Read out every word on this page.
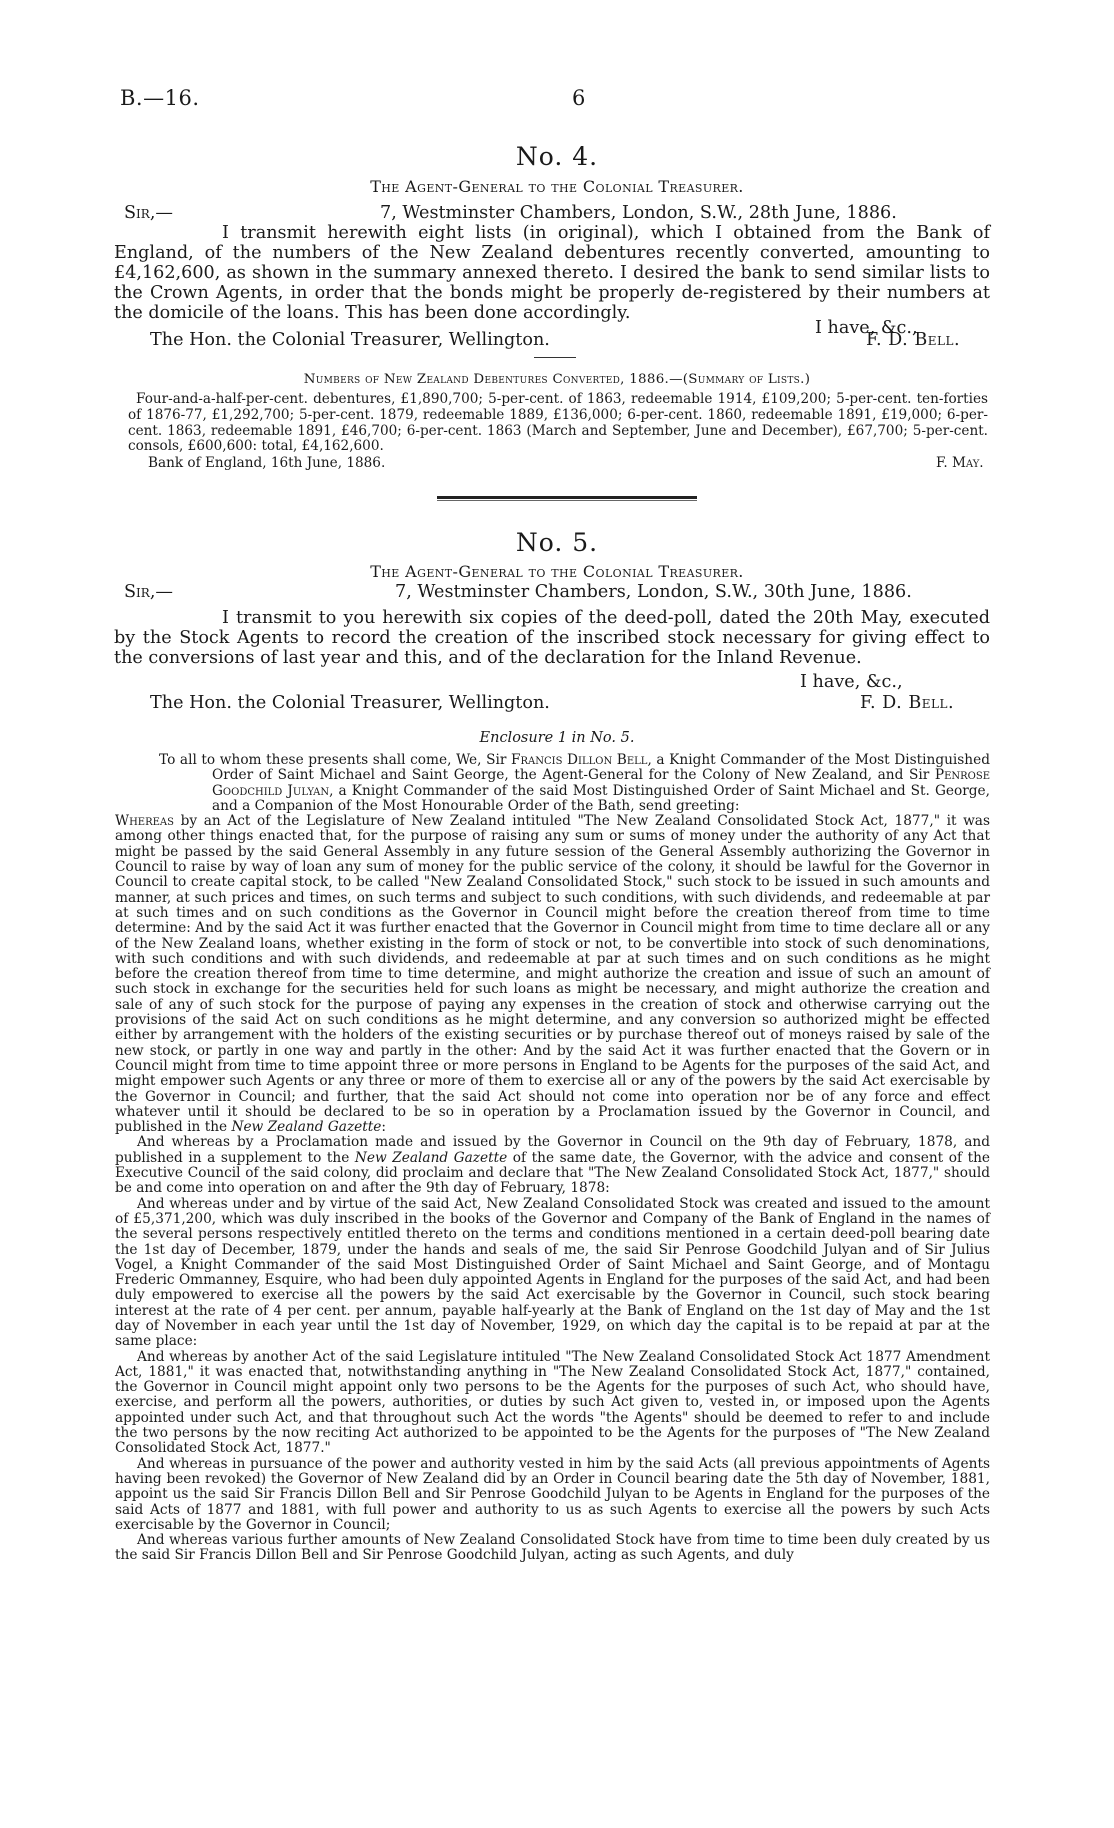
B.—16.	6
No. 4.
The Agent-General to the Colonial Treasurer.
Sir,—	7, Westminster Chambers, London, S.W., 28th June, 1886.
I transmit herewith eight lists (in original), which I obtained from the Bank of England, of the numbers of the New Zealand debentures recently converted, amounting to £4,162,600, as shown in the summary annexed thereto. I desired the bank to send similar lists to the Crown Agents, in order that the bonds might be properly de-registered by their numbers at the domicile of the loans. This has been done accordingly.
I have, &c.,
The Hon. the Colonial Treasurer, Wellington.	F. D. Bell.
Numbers of New Zealand Debentures Converted, 1886.—(Summary of Lists.)

Four-and-a-half-per-cent. debentures, £1,890,700; 5-per-cent. of 1863, redeemable 1914, £109,200; 5-per-cent. ten-forties of 1876-77, £1,292,700; 5-per-cent. 1879, redeemable 1889, £136,000; 6-per-cent. 1860, redeemable 1891, £19,000; 6-per-cent. 1863, redeemable 1891, £46,700; 6-per-cent. 1863 (March and September, June and December), £67,700; 5-per-cent. consols, £600,600: total, £4,162,600.

Bank of England, 16th June, 1886.	F. May.
No. 5.
The Agent-General to the Colonial Treasurer.
Sir,—	7, Westminster Chambers, London, S.W., 30th June, 1886.
I transmit to you herewith six copies of the deed-poll, dated the 20th May, executed by the Stock Agents to record the creation of the inscribed stock necessary for giving effect to the conversions of last year and this, and of the declaration for the Inland Revenue.
I have, &c.,
The Hon. the Colonial Treasurer, Wellington.	F. D. Bell.
Enclosure 1 in No. 5.

To all to whom these presents shall come, We, Sir Francis Dillon Bell, a Knight Commander of the Most Distinguished Order of Saint Michael and Saint George, the Agent-General for the Colony of New Zealand, and Sir Penrose Goodchild Julyan, a Knight Commander of the said Most Distinguished Order of Saint Michael and St. George, and a Companion of the Most Honourable Order of the Bath, send greeting:

Whereas by an Act of the Legislature of New Zealand intituled "The New Zealand Consolidated Stock Act, 1877," it was among other things enacted that, for the purpose of raising any sum or sums of money under the authority of any Act that might be passed by the said General Assembly in any future session of the General Assembly authorizing the Governor in Council to raise by way of loan any sum of money for the public service of the colony, it should be lawful for the Governor in Council to create capital stock, to be called "New Zealand Consolidated Stock," such stock to be issued in such amounts and manner, at such prices and times, on such terms and subject to such conditions, with such dividends, and redeemable at par at such times and on such conditions as the Governor in Council might before the creation thereof from time to time determine: And by the said Act it was further enacted that the Governor in Council might from time to time declare all or any of the New Zealand loans, whether existing in the form of stock or not, to be convertible into stock of such denominations, with such conditions and with such dividends, and redeemable at par at such times and on such conditions as he might before the creation thereof from time to time determine, and might authorize the creation and issue of such an amount of such stock in exchange for the securities held for such loans as might be necessary, and might authorize the creation and sale of any of such stock for the purpose of paying any expenses in the creation of stock and otherwise carrying out the provisions of the said Act on such conditions as he might determine, and any conversion so authorized might be effected either by arrangement with the holders of the existing securities or by purchase thereof out of moneys raised by sale of the new stock, or partly in one way and partly in the other: And by the said Act it was further enacted that the Govern or in Council might from time to time appoint three or more persons in England to be Agents for the purposes of the said Act, and might empower such Agents or any three or more of them to exercise all or any of the powers by the said Act exercisable by the Governor in Council; and further, that the said Act should not come into operation nor be of any force and effect whatever until it should be declared to be so in operation by a Proclamation issued by the Governor in Council, and published in the New Zealand Gazette:

And whereas by a Proclamation made and issued by the Governor in Council on the 9th day of February, 1878, and published in a supplement to the New Zealand Gazette of the same date, the Governor, with the advice and consent of the Executive Council of the said colony, did proclaim and declare that "The New Zealand Consolidated Stock Act, 1877," should be and come into operation on and after the 9th day of February, 1878:

And whereas under and by virtue of the said Act, New Zealand Consolidated Stock was created and issued to the amount of £5,371,200, which was duly inscribed in the books of the Governor and Company of the Bank of England in the names of the several persons respectively entitled thereto on the terms and conditions mentioned in a certain deed-poll bearing date the 1st day of December, 1879, under the hands and seals of me, the said Sir Penrose Goodchild Julyan and of Sir Julius Vogel, a Knight Commander of the said Most Distinguished Order of Saint Michael and Saint George, and of Montagu Frederic Ommanney, Esquire, who had been duly appointed Agents in England for the purposes of the said Act, and had been duly empowered to exercise all the powers by the said Act exercisable by the Governor in Council, such stock bearing interest at the rate of 4 per cent. per annum, payable half-yearly at the Bank of England on the 1st day of May and the 1st day of November in each year until the 1st day of November, 1929, on which day the capital is to be repaid at par at the same place:

And whereas by another Act of the said Legislature intituled "The New Zealand Consolidated Stock Act 1877 Amendment Act, 1881," it was enacted that, notwithstanding anything in "The New Zealand Consolidated Stock Act, 1877," contained, the Governor in Council might appoint only two persons to be the Agents for the purposes of such Act, who should have, exercise, and perform all the powers, authorities, or duties by such Act given to, vested in, or imposed upon the Agents appointed under such Act, and that throughout such Act the words "the Agents" should be deemed to refer to and include the two persons by the now reciting Act authorized to be appointed to be the Agents for the purposes of "The New Zealand Consolidated Stock Act, 1877."

And whereas in pursuance of the power and authority vested in him by the said Acts (all previous appointments of Agents having been revoked) the Governor of New Zealand did by an Order in Council bearing date the 5th day of November, 1881, appoint us the said Sir Francis Dillon Bell and Sir Penrose Goodchild Julyan to be Agents in England for the purposes of the said Acts of 1877 and 1881, with full power and authority to us as such Agents to exercise all the powers by such Acts exercisable by the Governor in Council;

And whereas various further amounts of New Zealand Consolidated Stock have from time to time been duly created by us the said Sir Francis Dillon Bell and Sir Penrose Goodchild Julyan, acting as such Agents, and duly
